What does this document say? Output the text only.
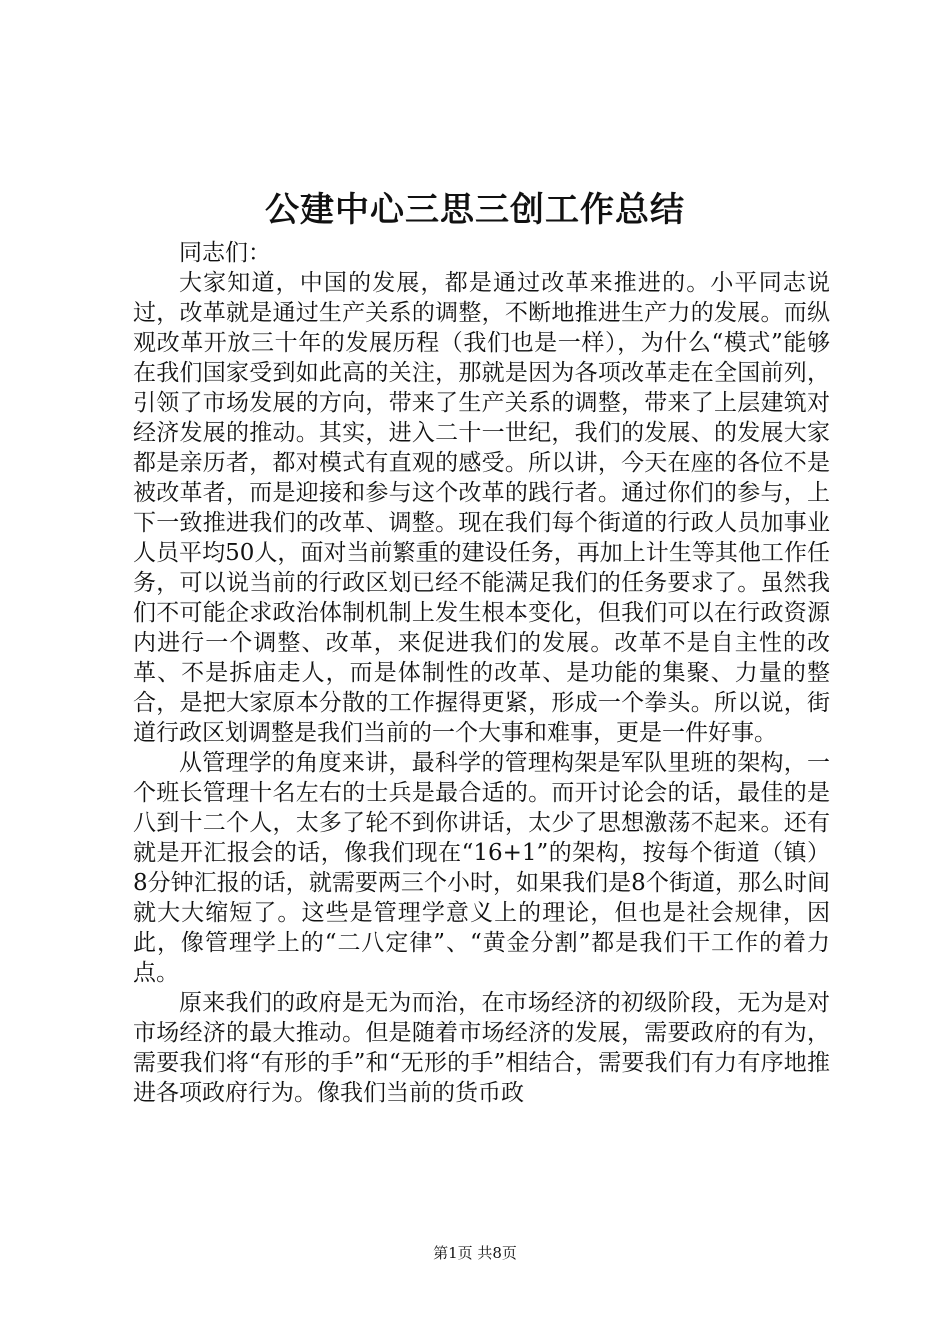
公建中心三思三创工作总结

同志们：

大家知道，中国的发展，都是通过改革来推进的。小平同志说过，改革就是通过生产关系的调整，不断地推进生产力的发展。而纵观改革开放三十年的发展历程（我们也是一样），为什么“模式”能够在我们国家受到如此高的关注，那就是因为各项改革走在全国前列，引领了市场发展的方向，带来了生产关系的调整，带来了上层建筑对经济发展的推动。其实，进入二十一世纪，我们的发展、的发展大家都是亲历者，都对模式有直观的感受。所以讲，今天在座的各位不是被改革者，而是迎接和参与这个改革的践行者。通过你们的参与，上下一致推进我们的改革、调整。现在我们每个街道的行政人员加事业人员平均50人，面对当前繁重的建设任务，再加上计生等其他工作任务，可以说当前的行政区划已经不能满足我们的任务要求了。虽然我们不可能企求政治体制机制上发生根本变化，但我们可以在行政资源内进行一个调整、改革，来促进我们的发展。改革不是自主性的改革、不是拆庙走人，而是体制性的改革、是功能的集聚、力量的整合，是把大家原本分散的工作握得更紧，形成一个拳头。所以说，街道行政区划调整是我们当前的一个大事和难事，更是一件好事。

从管理学的角度来讲，最科学的管理构架是军队里班的架构，一个班长管理十名左右的士兵是最合适的。而开讨论会的话，最佳的是八到十二个人，太多了轮不到你讲话，太少了思想激荡不起来。还有就是开汇报会的话，像我们现在“16+1”的架构，按每个街道（镇）8分钟汇报的话，就需要两三个小时，如果我们是8个街道，那么时间就大大缩短了。这些是管理学意义上的理论，但也是社会规律，因此，像管理学上的“二八定律”、“黄金分割”都是我们干工作的着力点。

原来我们的政府是无为而治，在市场经济的初级阶段，无为是对市场经济的最大推动。但是随着市场经济的发展，需要政府的有为，需要我们将“有形的手”和“无形的手”相结合，需要我们有力有序地推进各项政府行为。像我们当前的货币政

第1页 共8页
